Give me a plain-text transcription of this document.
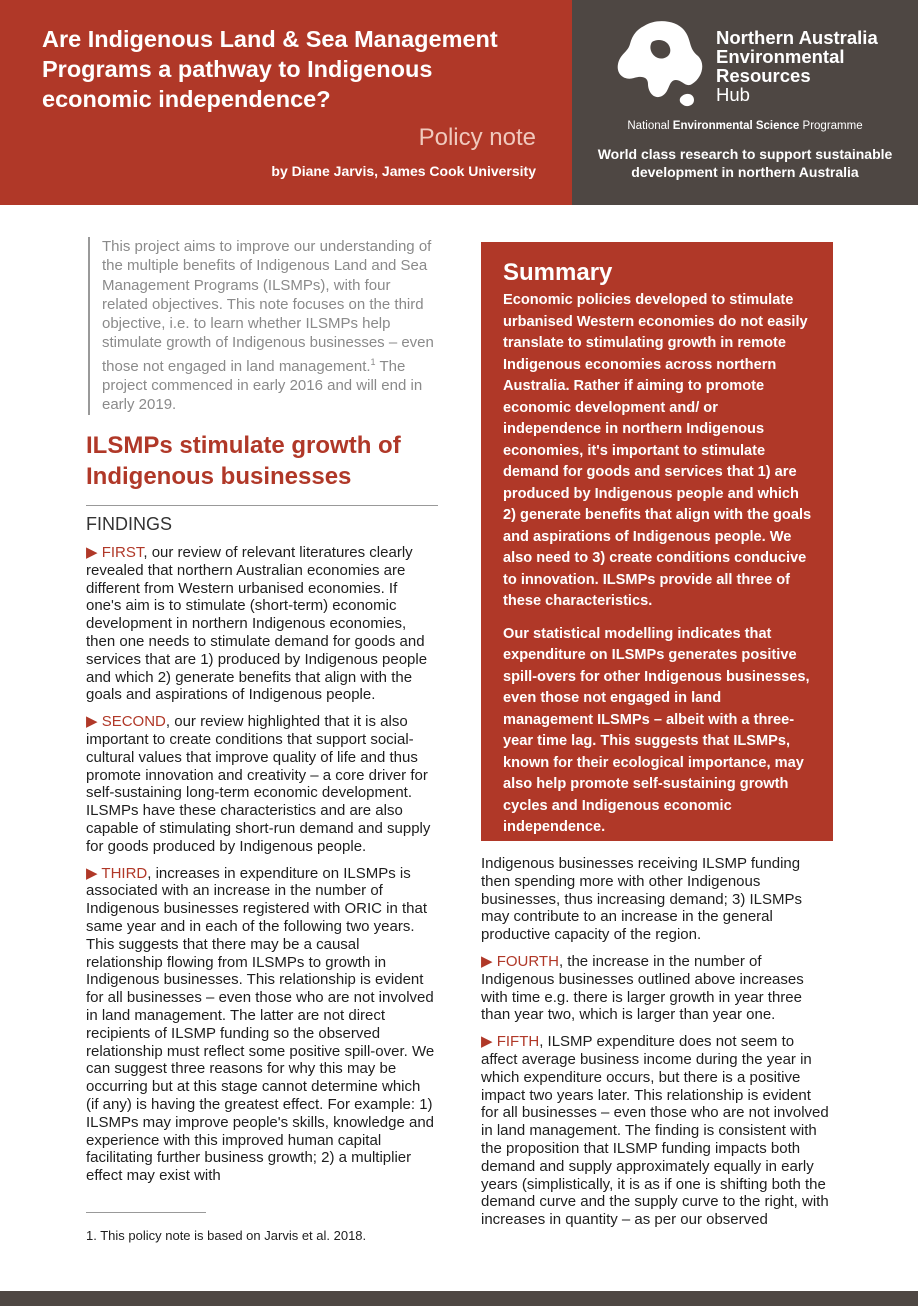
Are Indigenous Land & Sea Management Programs a pathway to Indigenous economic independence?

Policy note

by Diane Jarvis, James Cook University

Northern Australia
Environmental
Resources

Hub

National Environmental Science Programme

World class research to support sustainable development in northern Australia

This project aims to improve our understanding of the multiple benefits of Indigenous Land and Sea Management Programs (ILSMPs), with four related objectives. This note focuses on the third objective, i.e. to learn whether ILSMPs help stimulate growth of Indigenous businesses – even those not engaged in land management.$^1$ The project commenced in early 2016 and will end in early 2019.

ILSMPs stimulate growth of Indigenous businesses

FINDINGS

▶ FIRST, our review of relevant literatures clearly revealed that northern Australian economies are different from Western urbanised economies. If one's aim is to stimulate (short-term) economic development in northern Indigenous economies, then one needs to stimulate demand for goods and services that are 1) produced by Indigenous people and which 2) generate benefits that align with the goals and aspirations of Indigenous people.

▶ SECOND, our review highlighted that it is also important to create conditions that support social-cultural values that improve quality of life and thus promote innovation and creativity – a core driver for self-sustaining long-term economic development. ILSMPs have these characteristics and are also capable of stimulating short-run demand and supply for goods produced by Indigenous people.

▶ THIRD, increases in expenditure on ILSMPs is associated with an increase in the number of Indigenous businesses registered with ORIC in that same year and in each of the following two years. This suggests that there may be a causal relationship flowing from ILSMPs to growth in Indigenous businesses. This relationship is evident for all businesses – even those who are not involved in land management. The latter are not direct recipients of ILSMP funding so the observed relationship must reflect some positive spill-over. We can suggest three reasons for why this may be occurring but at this stage cannot determine which (if any) is having the greatest effect. For example: 1) ILSMPs may improve people's skills, knowledge and experience with this improved human capital facilitating further business growth; 2) a multiplier effect may exist with

1. This policy note is based on Jarvis et al. 2018.

Summary

Economic policies developed to stimulate urbanised Western economies do not easily translate to stimulating growth in remote Indigenous economies across northern Australia. Rather if aiming to promote economic development and/ or independence in northern Indigenous economies, it's important to stimulate demand for goods and services that 1) are produced by Indigenous people and which 2) generate benefits that align with the goals and aspirations of Indigenous people. We also need to 3) create conditions conducive to innovation. ILSMPs provide all three of these characteristics.

Our statistical modelling indicates that expenditure on ILSMPs generates positive spill-overs for other Indigenous businesses, even those not engaged in land management ILSMPs – albeit with a three-year time lag. This suggests that ILSMPs, known for their ecological importance, may also help promote self-sustaining growth cycles and Indigenous economic independence.

Indigenous businesses receiving ILSMP funding then spending more with other Indigenous businesses, thus increasing demand; 3) ILSMPs may contribute to an increase in the general productive capacity of the region.

▶ FOURTH, the increase in the number of Indigenous businesses outlined above increases with time e.g. there is larger growth in year three than year two, which is larger than year one.

▶ FIFTH, ILSMP expenditure does not seem to affect average business income during the year in which expenditure occurs, but there is a positive impact two years later. This relationship is evident for all businesses – even those who are not involved in land management. The finding is consistent with the proposition that ILSMP funding impacts both demand and supply approximately equally in early years (simplistically, it is as if one is shifting both the demand curve and the supply curve to the right, with increases in quantity – as per our observed
